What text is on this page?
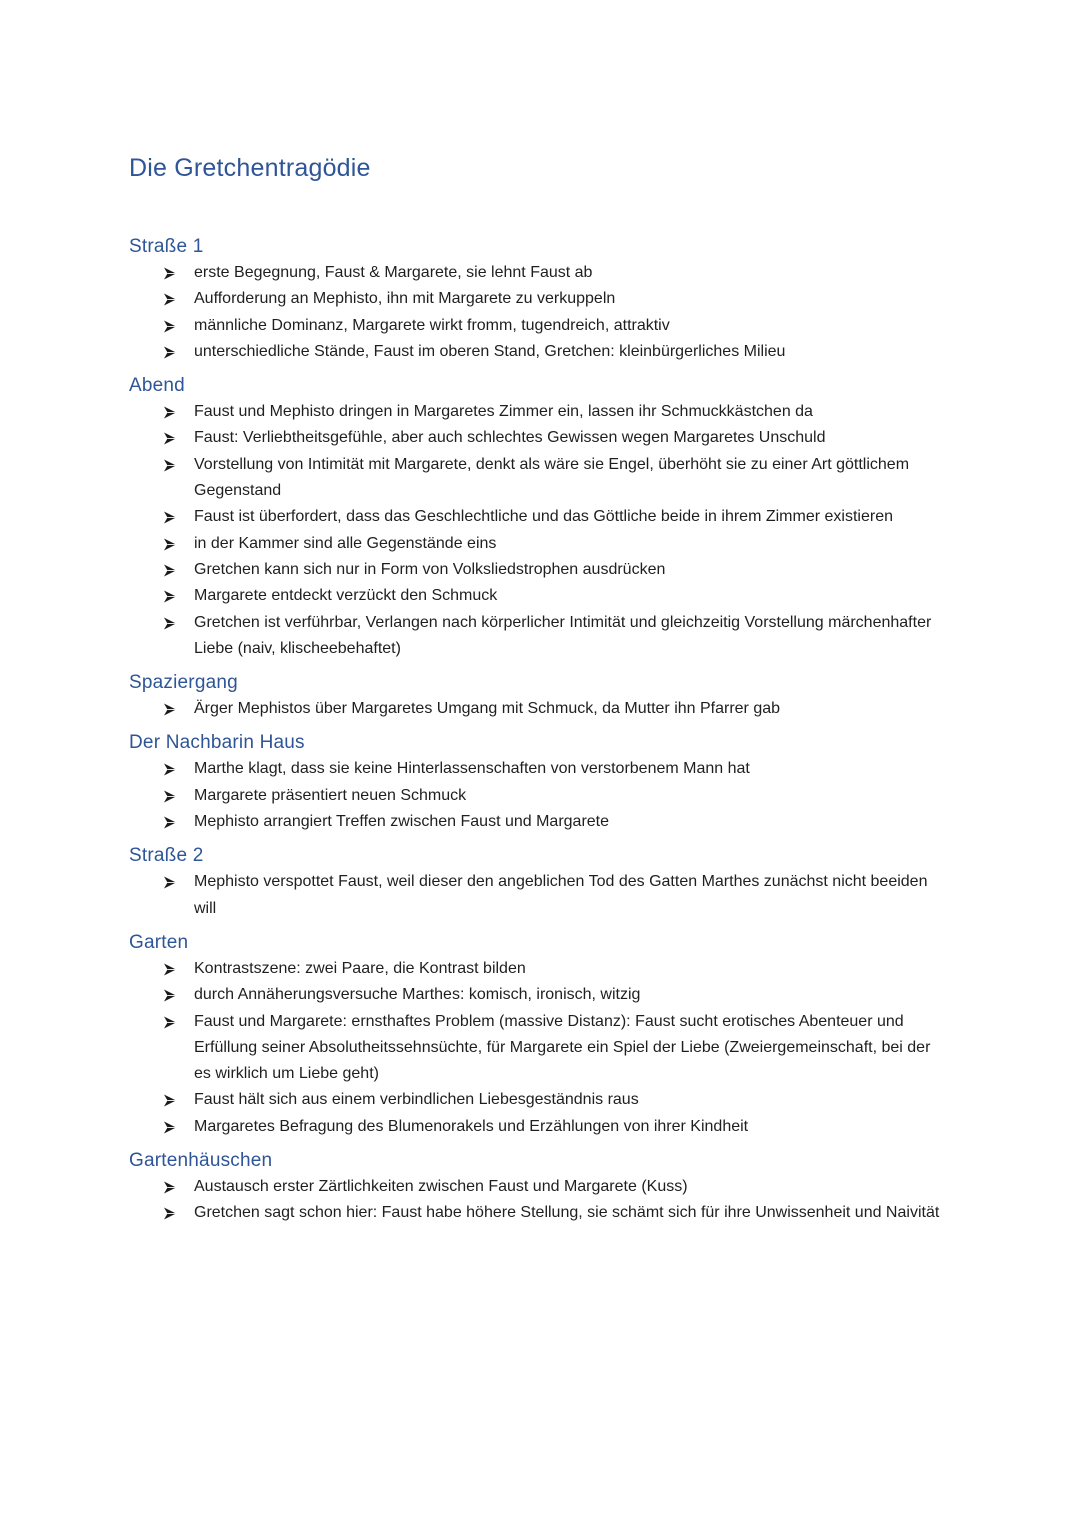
Die Gretchentragödie
Straße 1
erste Begegnung, Faust & Margarete, sie lehnt Faust ab
Aufforderung an Mephisto, ihn mit Margarete zu verkuppeln
männliche Dominanz, Margarete wirkt fromm, tugendreich, attraktiv
unterschiedliche Stände, Faust im oberen Stand, Gretchen: kleinbürgerliches Milieu
Abend
Faust und Mephisto dringen in Margaretes Zimmer ein, lassen ihr Schmuckkästchen da
Faust: Verliebtheitsgefühle, aber auch schlechtes Gewissen wegen Margaretes Unschuld
Vorstellung von Intimität mit Margarete, denkt als wäre sie Engel, überhöht sie zu einer Art göttlichem Gegenstand
Faust ist überfordert, dass das Geschlechtliche und das Göttliche beide in ihrem Zimmer existieren
in der Kammer sind alle Gegenstände eins
Gretchen kann sich nur in Form von Volksliedstrophen ausdrücken
Margarete entdeckt verzückt den Schmuck
Gretchen ist verführbar, Verlangen nach körperlicher Intimität und gleichzeitig Vorstellung märchenhafter Liebe (naiv, klischeebehaftet)
Spaziergang
Ärger Mephistos über Margaretes Umgang mit Schmuck, da Mutter ihn Pfarrer gab
Der Nachbarin Haus
Marthe klagt, dass sie keine Hinterlassenschaften von verstorbenem Mann hat
Margarete präsentiert neuen Schmuck
Mephisto arrangiert Treffen zwischen Faust und Margarete
Straße 2
Mephisto verspottet Faust, weil dieser den angeblichen Tod des Gatten Marthes zunächst nicht beeiden will
Garten
Kontrastszene: zwei Paare, die Kontrast bilden
durch Annäherungsversuche Marthes: komisch, ironisch, witzig
Faust und Margarete: ernsthaftes Problem (massive Distanz): Faust sucht erotisches Abenteuer und Erfüllung seiner Absolutheitssehnsüchte, für Margarete ein Spiel der Liebe (Zweiergemeinschaft, bei der es wirklich um Liebe geht)
Faust hält sich aus einem verbindlichen Liebesgeständnis raus
Margaretes Befragung des Blumenorakels und Erzählungen von ihrer Kindheit
Gartenhäuschen
Austausch erster Zärtlichkeiten zwischen Faust und Margarete (Kuss)
Gretchen sagt schon hier: Faust habe höhere Stellung, sie schämt sich für ihre Unwissenheit und Naivität
